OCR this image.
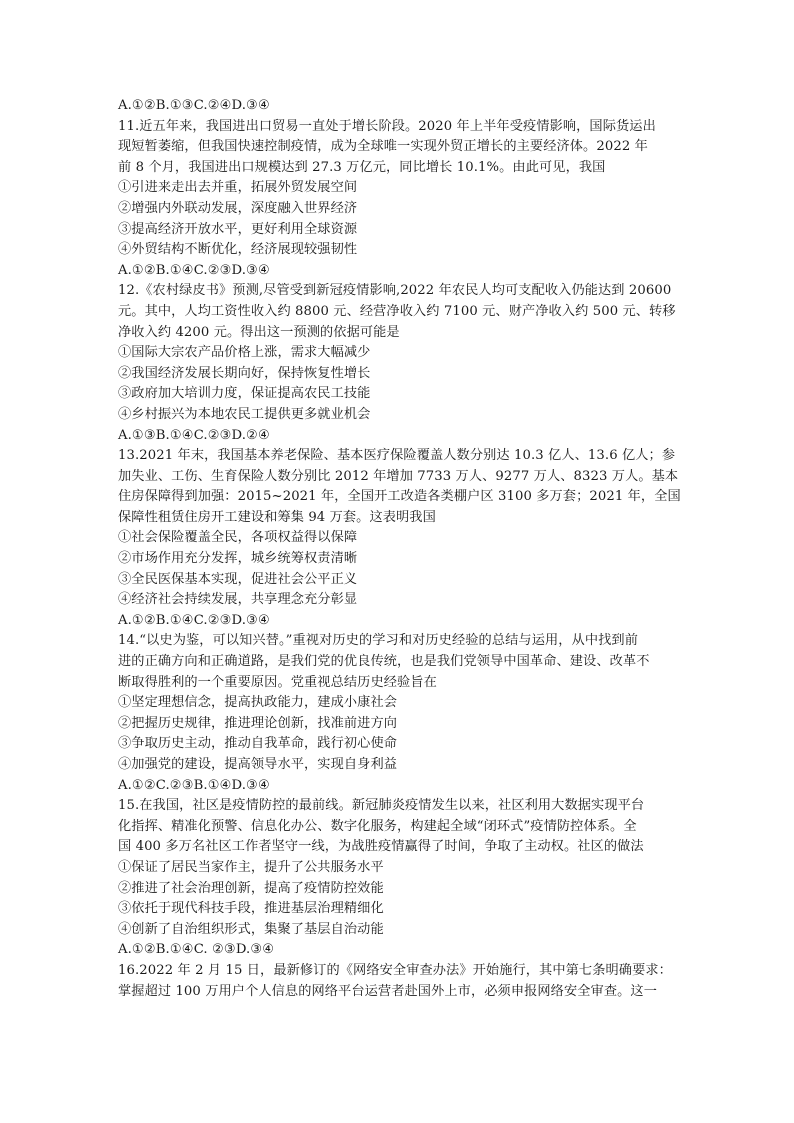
A.①②B.①③C.②④D.③④
11.近五年来，我国进出口贸易一直处于增长阶段。2020 年上半年受疫情影响，国际货运出
现短暂萎缩，但我国快速控制疫情，成为全球唯一实现外贸正增长的主要经济体。2022 年
前 8 个月，我国进出口规模达到 27.3 万亿元，同比增长 10.1%。由此可见，我国
①引进来走出去并重，拓展外贸发展空间
②增强内外联动发展，深度融入世界经济
③提高经济开放水平，更好利用全球资源
④外贸结构不断优化，经济展现较强韧性
A.①②B.①④C.②③D.③④
12.《农村绿皮书》预测,尽管受到新冠疫情影响,2022 年农民人均可支配收入仍能达到 20600
元。其中，人均工资性收入约 8800 元、经营净收入约 7100 元、财产净收入约 500 元、转移
净收入约 4200 元。得出这一预测的依据可能是
①国际大宗农产品价格上涨，需求大幅减少
②我国经济发展长期向好，保持恢复性增长
③政府加大培训力度，保证提高农民工技能
④乡村振兴为本地农民工提供更多就业机会
A.①③B.①④C.②③D.②④
13.2021 年末，我国基本养老保险、基本医疗保险覆盖人数分别达 10.3 亿人、13.6 亿人；参
加失业、工伤、生育保险人数分别比 2012 年增加 7733 万人、9277 万人、8323 万人。基本
住房保障得到加强：2015~2021 年，全国开工改造各类棚户区 3100 多万套；2021 年，全国
保障性租赁住房开工建设和筹集 94 万套。这表明我国
①社会保险覆盖全民，各项权益得以保障
②市场作用充分发挥，城乡统筹权责清晰
③全民医保基本实现，促进社会公平正义
④经济社会持续发展，共享理念充分彰显
A.①②B.①④C.②③D.③④
14.“以史为鉴，可以知兴替。”重视对历史的学习和对历史经验的总结与运用，从中找到前
进的正确方向和正确道路，是我们党的优良传统，也是我们党领导中国革命、建设、改革不
断取得胜利的一个重要原因。党重视总结历史经验旨在
①坚定理想信念，提高执政能力，建成小康社会
②把握历史规律，推进理论创新，找准前进方向
③争取历史主动，推动自我革命，践行初心使命
④加强党的建设，提高领导水平，实现自身利益
A.①②C.②③B.①④D.③④
15.在我国，社区是疫情防控的最前线。新冠肺炎疫情发生以来，社区利用大数据实现平台
化指挥、精准化预警、信息化办公、数字化服务，构建起全域“闭环式”疫情防控体系。全
国 400 多万名社区工作者坚守一线，为战胜疫情赢得了时间，争取了主动权。社区的做法
①保证了居民当家作主，提升了公共服务水平
②推进了社会治理创新，提高了疫情防控效能
③依托于现代科技手段，推进基层治理精细化
④创新了自治组织形式，集聚了基层自治动能
A.①②B.①④C. ②③D.③④
16.2022 年 2 月 15 日，最新修订的《网络安全审查办法》开始施行，其中第七条明确要求：
掌握超过 100 万用户个人信息的网络平台运营者赴国外上市，必须申报网络安全审查。这一
